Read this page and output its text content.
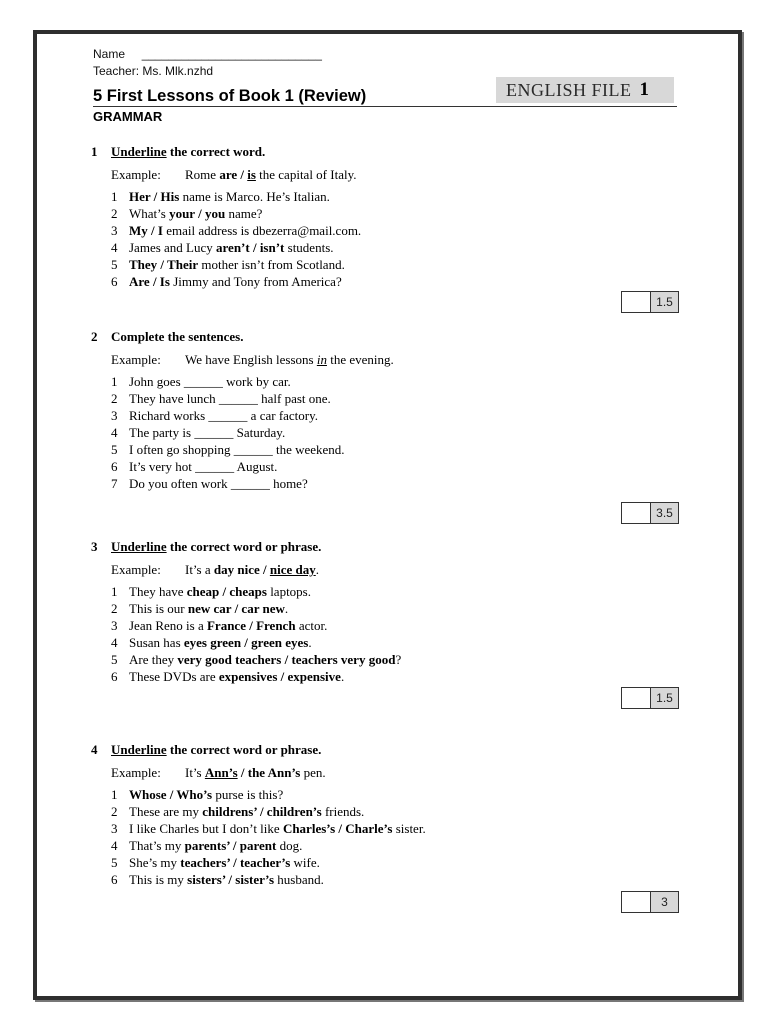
Name ___________________________
Teacher: Ms. Mlk.nzhd
ENGLISH FILE 1
5 First Lessons of Book 1 (Review)
GRAMMAR
1 Underline the correct word.
Example: Rome are / is the capital of Italy.
1 Her / His name is Marco. He’s Italian.
2 What’s your / you name?
3 My / I email address is dbezerra@mail.com.
4 James and Lucy aren’t / isn’t students.
5 They / Their mother isn’t from Scotland.
6 Are / Is Jimmy and Tony from America?
1.5
2 Complete the sentences.
Example: We have English lessons in the evening.
1 John goes ______ work by car.
2 They have lunch ______ half past one.
3 Richard works ______ a car factory.
4 The party is ______ Saturday.
5 I often go shopping ______ the weekend.
6 It’s very hot ______ August.
7 Do you often work ______ home?
3.5
3 Underline the correct word or phrase.
Example: It’s a day nice / nice day.
1 They have cheap / cheaps laptops.
2 This is our new car / car new.
3 Jean Reno is a France / French actor.
4 Susan has eyes green / green eyes.
5 Are they very good teachers / teachers very good?
6 These DVDs are expensives / expensive.
1.5
4 Underline the correct word or phrase.
Example: It’s Ann’s / the Ann’s pen.
1 Whose / Who’s purse is this?
2 These are my childrens’ / children’s friends.
3 I like Charles but I don’t like Charles’s / Charle’s sister.
4 That’s my parents’ / parent dog.
5 She’s my teachers’ / teacher’s wife.
6 This is my sisters’ / sister’s husband.
3
